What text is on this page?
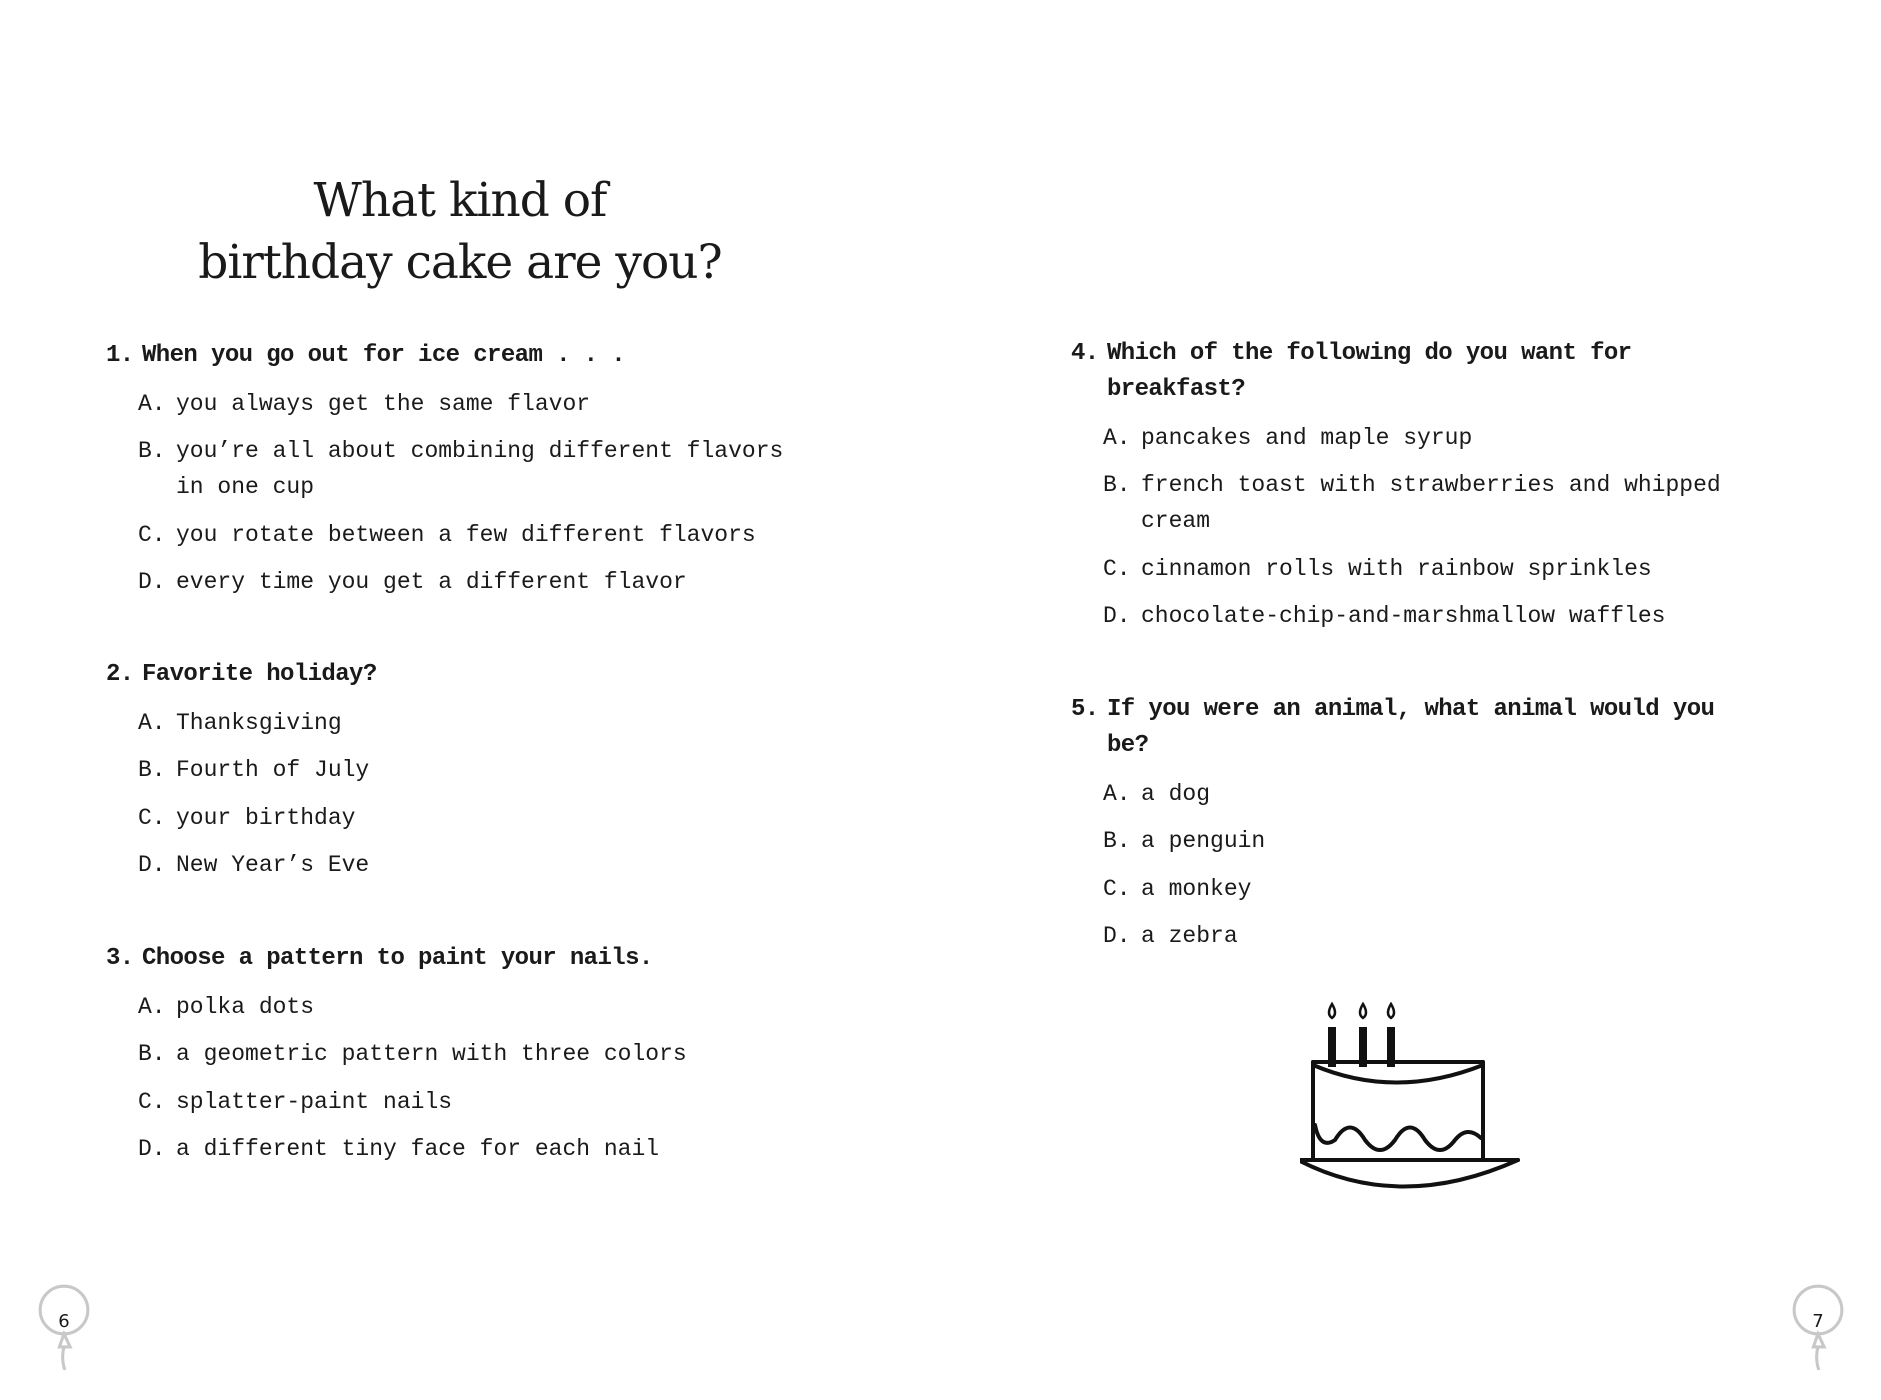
What kind of
birthday cake are you?
1. When you go out for ice cream . . .
A. you always get the same flavor
B. you’re all about combining different flavors in one cup
C. you rotate between a few different flavors
D. every time you get a different flavor
2. Favorite holiday?
A. Thanksgiving
B. Fourth of July
C. your birthday
D. New Year’s Eve
3. Choose a pattern to paint your nails.
A. polka dots
B. a geometric pattern with three colors
C. splatter-paint nails
D. a different tiny face for each nail
4. Which of the following do you want for breakfast?
A. pancakes and maple syrup
B. french toast with strawberries and whipped cream
C. cinnamon rolls with rainbow sprinkles
D. chocolate-chip-and-marshmallow waffles
5. If you were an animal, what animal would you be?
A. a dog
B. a penguin
C. a monkey
D. a zebra
6	7
